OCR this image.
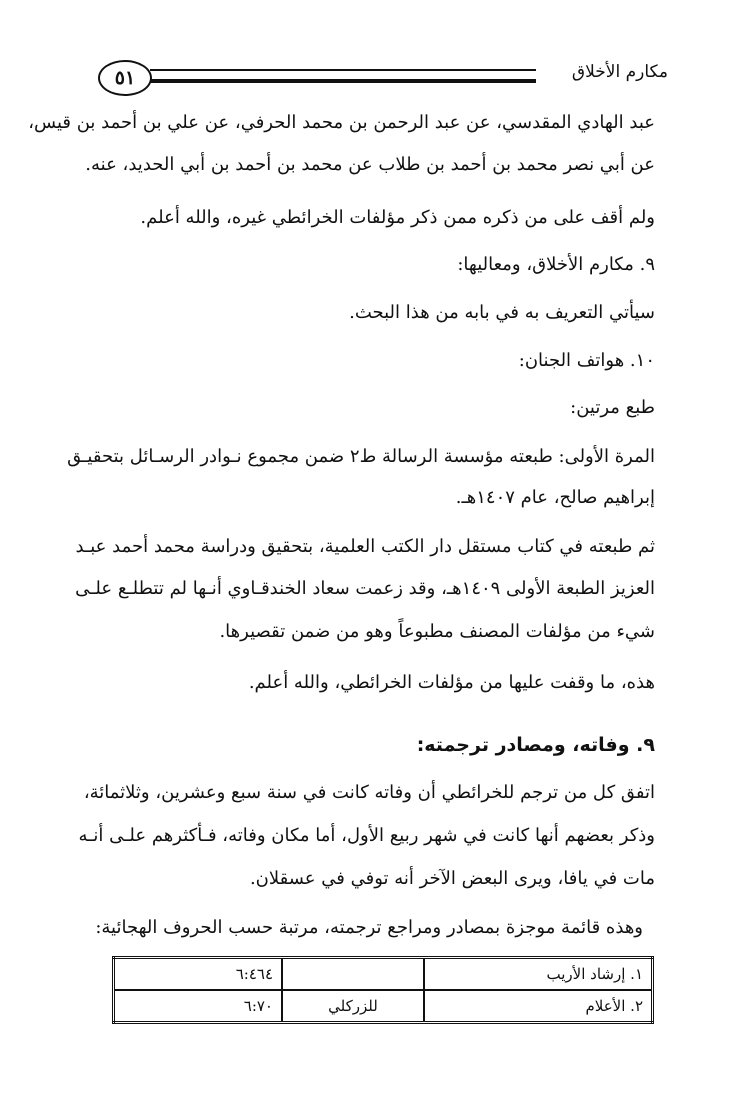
٥١	مكارم الأخلاق
عبد الهادي المقدسي، عن عبد الرحمن بن محمد الحرفي، عن علي بن أحمد بن قيس،
عن أبي نصر محمد بن أحمد بن طلاب عن محمد بن أحمد بن أبي الحديد، عنه.
ولم أقف على من ذكره ممن ذكر مؤلفات الخرائطي غيره، والله أعلم.
٩. مكارم الأخلاق، ومعاليها:
سيأتي التعريف به في بابه من هذا البحث.
١٠. هواتف الجنان:
طبع مرتين:
المرة الأولى: طبعته مؤسسة الرسالة ط٢ ضمن مجموع نـوادر الرسـائل بتحقيـق
إبراهيم صالح، عام ١٤٠٧هـ.
ثم طبعته في كتاب مستقل دار الكتب العلمية، بتحقيق ودراسة محمد أحمد عبـد
العزيز الطبعة الأولى ١٤٠٩هـ، وقد زعمت سعاد الخندقـاوي أنـها لم تتطلـع علـى
شيء من مؤلفات المصنف مطبوعاً وهو من ضمن تقصيرها.
هذه، ما وقفت عليها من مؤلفات الخرائطي، والله أعلم.
٩. وفاته، ومصادر ترجمته:
اتفق كل من ترجم للخرائطي أن وفاته كانت في سنة سبع وعشرين، وثلاثمائة،
وذكر بعضهم أنها كانت في شهر ربيع الأول، أما مكان وفاته، فـأكثرهم علـى أنـه
مات في يافا، ويرى البعض الآخر أنه توفي في عسقلان.
وهذه قائمة موجزة بمصادر ومراجع ترجمته، مرتبة حسب الحروف الهجائية:
١. إرشاد الأريب		٦:٤٦٤
٢. الأعلام	للزركلي	٦:٧٠
